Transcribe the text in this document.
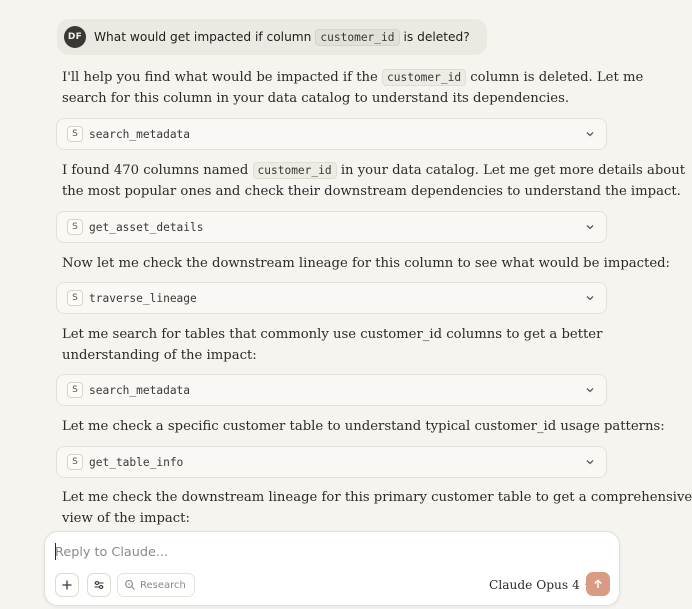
DF What would get impacted if column customer_id is deleted?
I'll help you find what would be impacted if the customer_id column is deleted. Let me
search for this column in your data catalog to understand its dependencies.
S search_metadata
I found 470 columns named customer_id in your data catalog. Let me get more details about
the most popular ones and check their downstream dependencies to understand the impact.
S get_asset_details
Now let me check the downstream lineage for this column to see what would be impacted:
S traverse_lineage
Let me search for tables that commonly use customer_id columns to get a better
understanding of the impact:
S search_metadata
Let me check a specific customer table to understand typical customer_id usage patterns:
S get_table_info
Let me check the downstream lineage for this primary customer table to get a comprehensive
view of the impact:
Reply to Claude...
Research	Claude Opus 4
